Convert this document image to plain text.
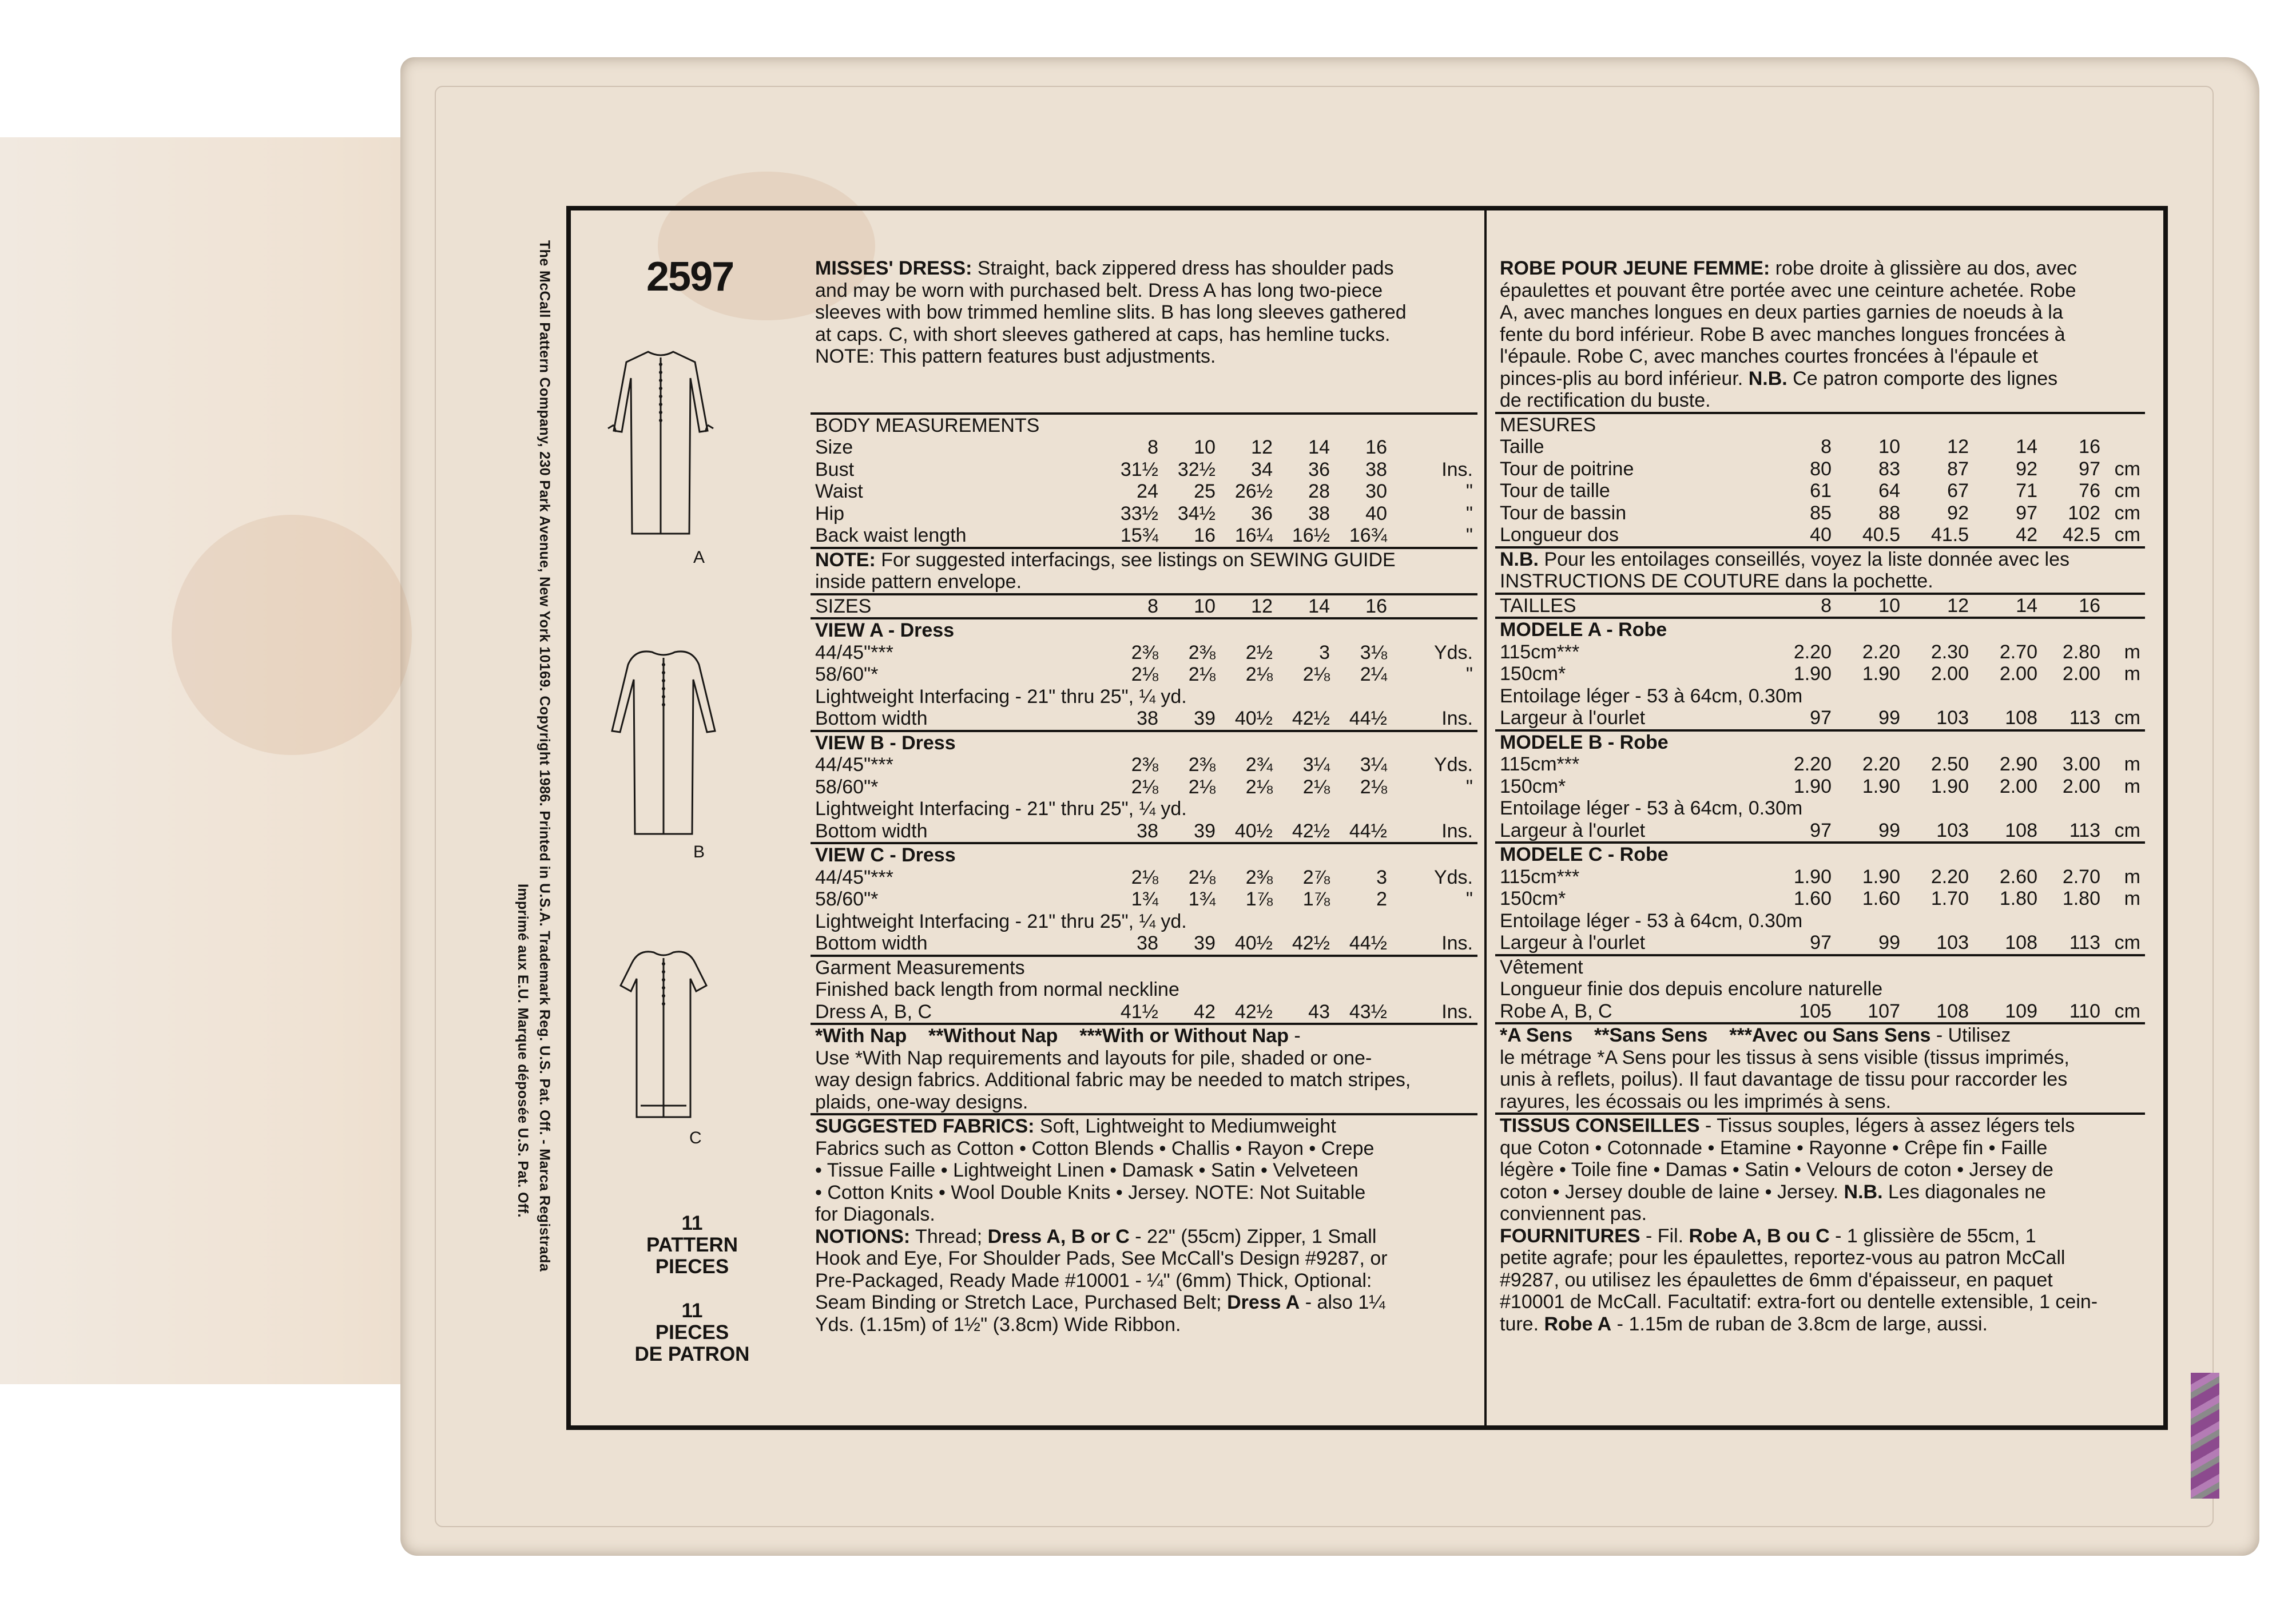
The McCall Pattern Company, 230 Park Avenue, New York 10169. Copyright 1986. Printed in U.S.A. Trademark Reg. U.S. Pat. Off. - Marca Registrada
Imprimé aux E.U. Marque déposée U.S. Pat. Off.
2597
A
B
C
11
PATTERN
PIECES
11
PIECES
DE PATRON
MISSES' DRESS: Straight, back zippered dress has shoulder pads
and may be worn with purchased belt. Dress A has long two-piece
sleeves with bow trimmed hemline slits. B has long sleeves gathered
at caps. C, with short sleeves gathered at caps, has hemline tucks.
NOTE: This pattern features bust adjustments.
BODY MEASUREMENTS
Size	8 10 12 14 16
Bust	31½ 32½ 34 36 38	Ins.
Waist	24 25 26½ 28 30	"
Hip	33½ 34½ 36 38 40	"
Back waist length	15¾ 16 16¼ 16½ 16¾	"
NOTE: For suggested interfacings, see listings on SEWING GUIDE
inside pattern envelope.
SIZES	8 10 12 14 16
VIEW A - Dress
44/45"***	2⅜ 2⅜ 2½ 3 3⅛ Yds.
58/60"*	2⅛ 2⅛ 2⅛ 2⅛ 2¼	"
Lightweight Interfacing - 21" thru 25", ¼ yd.
Bottom width	38 39 40½ 42½ 44½	Ins.
VIEW B - Dress
44/45"***	2⅜ 2⅜ 2¾ 3¼ 3¼ Yds.
58/60"*	2⅛ 2⅛ 2⅛ 2⅛ 2⅛	"
Lightweight Interfacing - 21" thru 25", ¼ yd.
Bottom width	38 39 40½ 42½ 44½	Ins.
VIEW C - Dress
44/45"***	2⅛ 2⅛ 2⅜ 2⅞ 3 Yds.
58/60"*	1¾ 1¾ 1⅞ 1⅞ 2	"
Lightweight Interfacing - 21" thru 25", ¼ yd.
Bottom width	38 39 40½ 42½ 44½	Ins.
Garment Measurements
Finished back length from normal neckline
Dress A, B, C	41½ 42 42½ 43 43½	Ins.
*With Nap **Without Nap ***With or Without Nap -
Use *With Nap requirements and layouts for pile, shaded or one-
way design fabrics. Additional fabric may be needed to match stripes,
plaids, one-way designs.
SUGGESTED FABRICS: Soft, Lightweight to Mediumweight
Fabrics such as Cotton • Cotton Blends • Challis • Rayon • Crepe
• Tissue Faille • Lightweight Linen • Damask • Satin • Velveteen
• Cotton Knits • Wool Double Knits • Jersey. NOTE: Not Suitable
for Diagonals.
NOTIONS: Thread; Dress A, B or C - 22" (55cm) Zipper, 1 Small
Hook and Eye, For Shoulder Pads, See McCall's Design #9287, or
Pre-Packaged, Ready Made #10001 - ¼" (6mm) Thick, Optional:
Seam Binding or Stretch Lace, Purchased Belt; Dress A - also 1¼
Yds. (1.15m) of 1½" (3.8cm) Wide Ribbon.
ROBE POUR JEUNE FEMME: robe droite à glissière au dos, avec
épaulettes et pouvant être portée avec une ceinture achetée. Robe
A, avec manches longues en deux parties garnies de noeuds à la
fente du bord inférieur. Robe B avec manches longues froncées à
l'épaule. Robe C, avec manches courtes froncées à l'épaule et
pinces-plis au bord inférieur. N.B. Ce patron comporte des lignes
de rectification du buste.
MESURES
Taille	8 10 12 14 16
Tour de poitrine	80 83 87 92 97 cm
Tour de taille	61 64 67 71 76 cm
Tour de bassin	85 88 92 97 102 cm
Longueur dos	40 40.5 41.5 42 42.5 cm
N.B. Pour les entoilages conseillés, voyez la liste donnée avec les
INSTRUCTIONS DE COUTURE dans la pochette.
TAILLES	8 10 12 14 16
MODELE A - Robe
115cm***	2.20 2.20 2.30 2.70 2.80 m
150cm*	1.90 1.90 2.00 2.00 2.00 m
Entoilage léger - 53 à 64cm, 0.30m
Largeur à l'ourlet	97 99 103 108 113 cm
MODELE B - Robe
115cm***	2.20 2.20 2.50 2.90 3.00 m
150cm*	1.90 1.90 1.90 2.00 2.00 m
Entoilage léger - 53 à 64cm, 0.30m
Largeur à l'ourlet	97 99 103 108 113 cm
MODELE C - Robe
115cm***	1.90 1.90 2.20 2.60 2.70 m
150cm*	1.60 1.60 1.70 1.80 1.80 m
Entoilage léger - 53 à 64cm, 0.30m
Largeur à l'ourlet	97 99 103 108 113 cm
Vêtement
Longueur finie dos depuis encolure naturelle
Robe A, B, C	105 107 108 109 110 cm
*A Sens **Sans Sens ***Avec ou Sans Sens - Utilisez
le métrage *A Sens pour les tissus à sens visible (tissus imprimés,
unis à reflets, poilus). Il faut davantage de tissu pour raccorder les
rayures, les écossais ou les imprimés à sens.
TISSUS CONSEILLES - Tissus souples, légers à assez légers tels
que Coton • Cotonnade • Etamine • Rayonne • Crêpe fin • Faille
légère • Toile fine • Damas • Satin • Velours de coton • Jersey de
coton • Jersey double de laine • Jersey. N.B. Les diagonales ne
conviennent pas.
FOURNITURES - Fil. Robe A, B ou C - 1 glissière de 55cm, 1
petite agrafe; pour les épaulettes, reportez-vous au patron McCall
#9287, ou utilisez les épaulettes de 6mm d'épaisseur, en paquet
#10001 de McCall. Facultatif: extra-fort ou dentelle extensible, 1 cein-
ture. Robe A - 1.15m de ruban de 3.8cm de large, aussi.
